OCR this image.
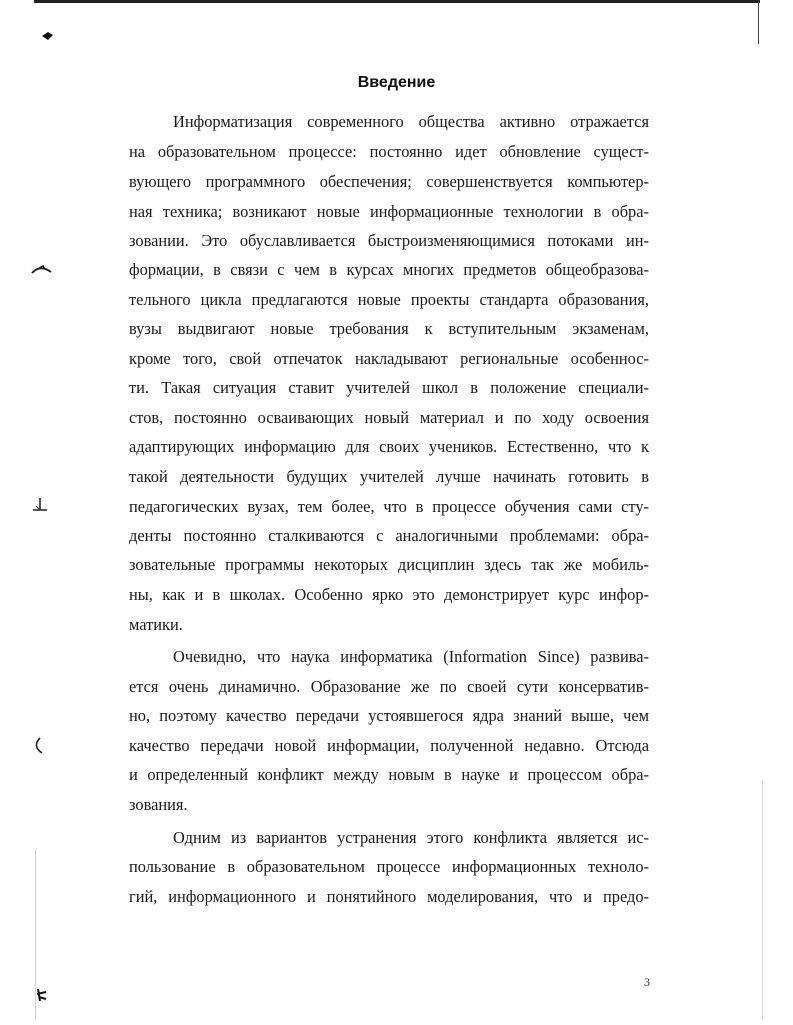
Введение
Информатизация современного общества активно отражается
на образовательном процессе: постоянно идет обновление сущест-
вующего программного обеспечения; совершенствуется компьютер-
ная техника; возникают новые информационные технологии в обра-
зовании. Это обуславливается быстроизменяющимися потоками ин-
формации, в связи с чем в курсах многих предметов общеобразова-
тельного цикла предлагаются новые проекты стандарта образования,
вузы выдвигают новые требования к вступительным экзаменам,
кроме того, свой отпечаток накладывают региональные особеннос-
ти. Такая ситуация ставит учителей школ в положение специали-
стов, постоянно осваивающих новый материал и по ходу освоения
адаптирующих информацию для своих учеников. Естественно, что к
такой деятельности будущих учителей лучше начинать готовить в
педагогических вузах, тем более, что в процессе обучения сами сту-
денты постоянно сталкиваются с аналогичными проблемами: обра-
зовательные программы некоторых дисциплин здесь так же мобиль-
ны, как и в школах. Особенно ярко это демонстрирует курс инфор-
матики.
Очевидно, что наука информатика (Information Since) развива-
ется очень динамично. Образование же по своей сути консерватив-
но, поэтому качество передачи устоявшегося ядра знаний выше, чем
качество передачи новой информации, полученной недавно. Отсюда
и определенный конфликт между новым в науке и процессом обра-
зования.
Одним из вариантов устранения этого конфликта является ис-
пользование в образовательном процессе информационных техноло-
гий, информационного и понятийного моделирования, что и предо-
3
